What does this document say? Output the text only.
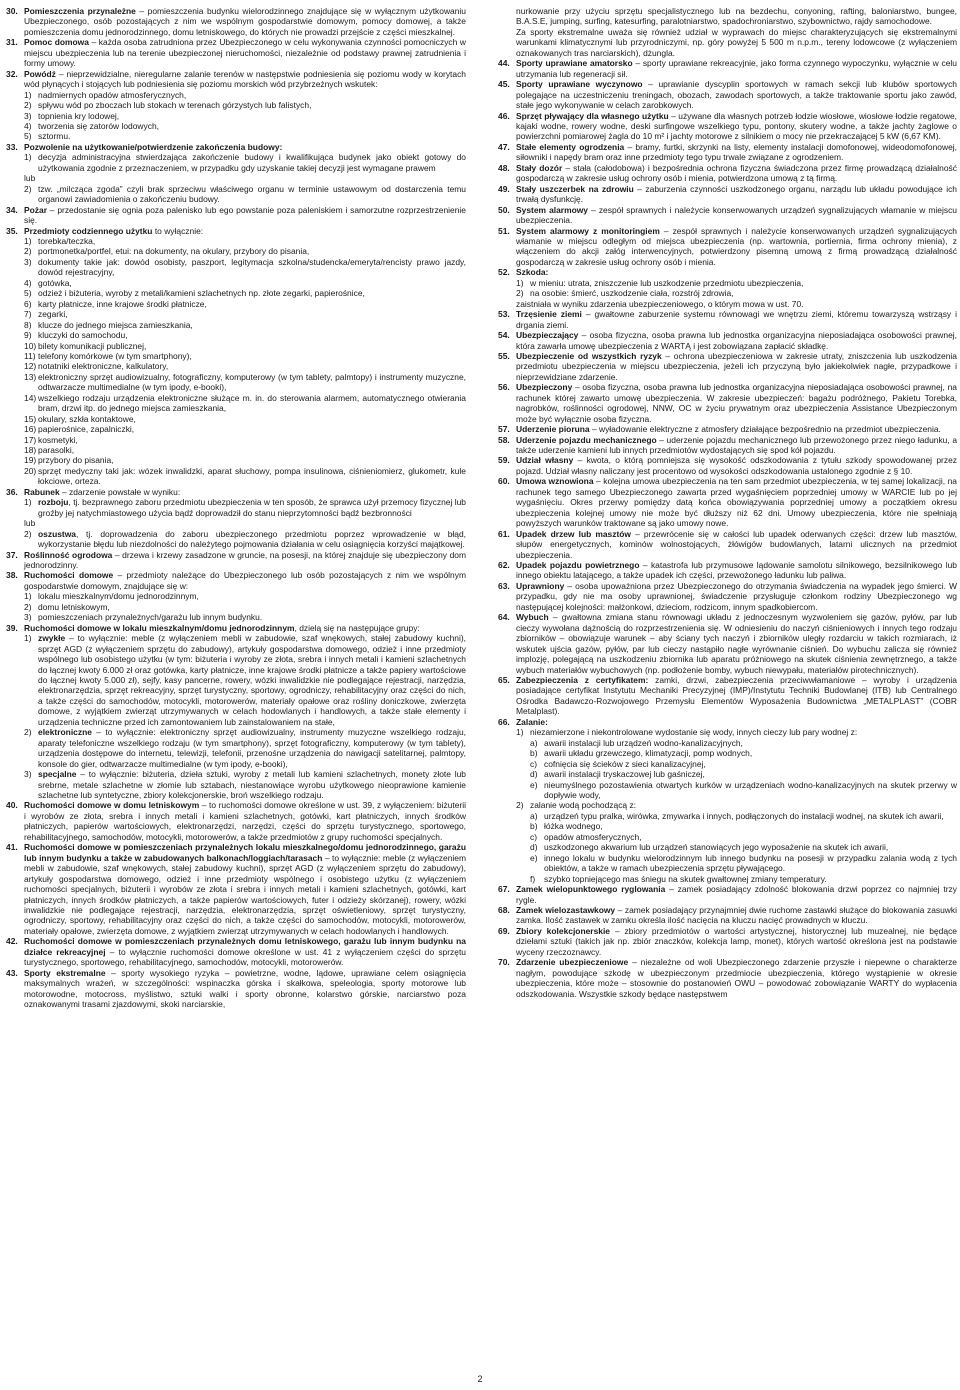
30. Pomieszczenia przynależne – pomieszczenia budynku wielorodzinnego znajdujące się w wyłącznym użytkowaniu Ubezpieczonego, osób pozostających z nim we wspólnym gospodarstwie domowym, pomocy domowej, a także pomieszczenia domu jednorodzinnego, domu letniskowego, do których nie prowadzi przejście z części mieszkalnej.

31. Pomoc domowa – każda osoba zatrudniona przez Ubezpieczonego w celu wykonywania czynności pomocniczych w miejscu ubezpieczenia lub na terenie ubezpieczonej nieruchomości, niezależnie od podstawy prawnej zatrudnienia i formy umowy.

32. Powódź – nieprzewidzialne, nieregularne zalanie terenów w następstwie podniesienia się poziomu wody w korytach wód płynących i stojących lub podniesienia się poziomu morskich wód przybrzeżnych wskutek:

1) nadmiernych opadów atmosferycznych,
2) spływu wód po zboczach lub stokach w terenach górzystych lub falistych,
3) topnienia kry lodowej,
4) tworzenia się zatorów lodowych,
5) sztormu.
33. Pozwolenie na użytkowanie/potwierdzenie zakończenia budowy:

1) decyzja administracyjna stwierdzająca zakończenie budowy i kwalifikująca budynek jako obiekt gotowy do użytkowania zgodnie z przeznaczeniem, w przypadku gdy uzyskanie takiej decyzji jest wymagane prawem
lub
2) tzw. „milcząca zgoda” czyli brak sprzeciwu właściwego organu w terminie ustawowym od dostarczenia temu organowi zawiadomienia o zakończeniu budowy.
34. Pożar – przedostanie się ognia poza palenisko lub ego powstanie poza paleniskiem i samorzutne rozprzestrzenienie się.

35. Przedmioty codziennego użytku to wyłącznie:

1) torebka/teczka,
2) portmonetka/portfel, etui: na dokumenty, na okulary, przybory do pisania,
3) dokumenty takie jak: dowód osobisty, paszport, legitymacja szkolna/studencka/emeryta/rencisty prawo jazdy, dowód rejestracyjny,
4) gotówka,
5) odzież i biżuteria, wyroby z metali/kamieni szlachetnych np. złote zegarki, papierośnice,
6) karty płatnicze, inne krajowe środki płatnicze,
7) zegarki,
8) klucze do jednego miejsca zamieszkania,
9) kluczyki do samochodu,
10) bilety komunikacji publicznej,
11) telefony komórkowe (w tym smartphony),
12) notatniki elektroniczne, kalkulatory,
13) elektroniczny sprzęt audiowizualny, fotograficzny, komputerowy (w tym tablety, palmtopy) i instrumenty muzyczne, odtwarzacze multimedialne (w tym ipody, e-booki),
14) wszelkiego rodzaju urządzenia elektroniczne służące m. in. do sterowania alarmem, automatycznego otwierania bram, drzwi itp. do jednego miejsca zamieszkania,
15) okulary, szkła kontaktowe,
16) papierośnice, zapalniczki,
17) kosmetyki,
18) parasolki,
19) przybory do pisania,
20) sprzęt medyczny taki jak: wózek inwalidzki, aparat słuchowy, pompa insulinowa, ciśnieniomierz, glukometr, kule łokciowe, orteza.
36. Rabunek – zdarzenie powstałe w wyniku:

1) rozboju, tj. bezprawnego zaboru przedmiotu ubezpieczenia w ten sposób, że sprawca użył przemocy fizycznej lub groźby jej natychmiastowego użycia bądź doprowadził do stanu nieprzytomności bądź bezbronności
lub
2) oszustwa, tj. doprowadzenia do zaboru ubezpieczonego przedmiotu poprzez wprowadzenie w błąd, wykorzystanie błędu lub niezdolności do należytego pojmowania działania w celu osiągnięcia korzyści majątkowej.
37. Roślinność ogrodowa – drzewa i krzewy zasadzone w gruncie, na posesji, na której znajduje się ubezpieczony dom jednorodzinny.

38. Ruchomości domowe – przedmioty należące do Ubezpieczonego lub osób pozostających z nim we wspólnym gospodarstwie domowym, znajdujące się w:

1) lokalu mieszkalnym/domu jednorodzinnym,
2) domu letniskowym,
3) pomieszczeniach przynależnych/garażu lub innym budynku.
39. Ruchomości domowe w lokalu mieszkalnym/domu jednorodzinnym, dzielą się na następujące grupy:

1) zwykłe – to wyłącznie: meble (z wyłączeniem mebli w zabudowie, szaf wnękowych, stałej zabudowy kuchni), sprzęt AGD (z wyłączeniem sprzętu do zabudowy), artykuły gospodarstwa domowego, odzież i inne przedmioty wspólnego lub osobistego użytku (w tym: biżuteria i wyroby ze złota, srebra i innych metali i kamieni szlachetnych do łącznej kwoty 6.000 zł oraz gotówka, karty płatnicze, inne krajowe środki płatnicze a także papiery wartościowe do łącznej kwoty 5.000 zł), sejfy, kasy pancerne, rowery, wózki inwalidzkie nie podlegające rejestracji, narzędzia, elektronarzędzia, sprzęt rekreacyjny, sprzęt turystyczny, sportowy, ogrodniczy, rehabilitacyjny oraz części do nich, a także części do samochodów, motocykli, motorowerów, materiały opałowe oraz rośliny doniczkowe, zwierzęta domowe, z wyjątkiem zwierząt utrzymywanych w celach hodowlanych i handlowych, a także stałe elementy i urządzenia techniczne przed ich zamontowaniem lub zainstalowaniem na stałe,
2) elektroniczne – to wyłącznie: elektroniczny sprzęt audiowizualny, instrumenty muzyczne wszelkiego rodzaju, aparaty telefoniczne wszelkiego rodzaju (w tym smartphony), sprzęt fotograficzny, komputerowy (w tym tablety), urządzenia dostępowe do internetu, telewizji, telefonii, przenośne urządzenia do nawigacji satelitarnej, palmtopy, konsole do gier, odtwarzacze multimedialne (w tym ipody, e-booki),
3) specjalne – to wyłącznie: biżuteria, dzieła sztuki, wyroby z metali lub kamieni szlachetnych, monety złote lub srebrne, metale szlachetne w złomie lub sztabach, niestanowiące wyrobu użytkowego nieoprawione kamienie szlachetne lub syntetyczne, zbiory kolekcjonerskie, broń wszelkiego rodzaju.
40. Ruchomości domowe w domu letniskowym – to ruchomości domowe określone w ust. 39, z wyłączeniem: biżuterii i wyrobów ze złota, srebra i innych metali i kamieni szlachetnych, gotówki, kart płatniczych, innych środków płatniczych, papierów wartościowych, elektronarzędzi, narzędzi, części do sprzętu turystycznego, sportowego, rehabilitacyjnego, samochodów, motocykli, motorowerów, a także przedmiotów z grupy ruchomości specjalnych.

41. Ruchomości domowe w pomieszczeniach przynależnych lokalu mieszkalnego/domu jednorodzinnego, garażu lub innym budynku a także w zabudowanych balkonach/loggiach/tarasach – to wyłącznie: meble (z wyłączeniem mebli w zabudowie, szaf wnękowych, stałej zabudowy kuchni), sprzęt AGD (z wyłączeniem sprzętu do zabudowy), artykuły gospodarstwa domowego, odzież i inne przedmioty wspólnego i osobistego użytku (z wyłączeniem ruchomości specjalnych, biżuterii i wyrobów ze złota i srebra i innych metali i kamieni szlachetnych, gotówki, kart płatniczych, innych środków płatniczych, a także papierów wartościowych, futer i odzieży skórzanej), rowery, wózki inwalidzkie nie podlegające rejestracji, narzędzia, elektronarzędzia, sprzęt oświetleniowy, sprzęt turystyczny, ogrodniczy, sportowy, rehabilitacyjny oraz części do nich, a także części do samochodów, motocykli, motorowerów, materiały opałowe, zwierzęta domowe, z wyjątkiem zwierząt utrzymywanych w celach hodowlanych i handlowych.

42. Ruchomości domowe w pomieszczeniach przynależnych domu letniskowego, garażu lub innym budynku na działce rekreacyjnej – to wyłącznie ruchomości domowe określone w ust. 41 z wyłączeniem części do sprzętu turystycznego, sportowego, rehabilitacyjnego, samochodów, motocykli, motorowerów.

43. Sporty ekstremalne – sporty wysokiego ryzyka – powietrzne, wodne, lądowe, uprawiane celem osiągnięcia maksymalnych wrażeń, w szczególności: wspinaczka górska i skałkowa, speleologia, sporty motorowe lub motorowodne, motocross, myślistwo, sztuki walki i sporty obronne, kolarstwo górskie, narciarstwo poza oznakowanymi trasami zjazdowymi, skoki narciarskie,

nurkowanie przy użyciu sprzętu specjalistycznego lub na bezdechu, conyoning, rafting, baloniarstwo, bungee, B.A.S.E, jumping, surfing, katesurfing, paralotniarstwo, spadochroniarstwo, szybownictwo, rajdy samochodowe.

Za sporty ekstremalne uważa się również udział w wyprawach do miejsc charakteryzujących się ekstremalnymi warunkami klimatycznymi lub przyrodniczymi, np. góry powyżej 5 500 m n.p.m., tereny lodowcowe (z wyłączeniem oznakowanych tras narciarskich), dżungla.

44. Sporty uprawiane amatorsko – sporty uprawiane rekreacyjnie, jako forma czynnego wypoczynku, wyłącznie w celu utrzymania lub regeneracji sił.

45. Sporty uprawiane wyczynowo – uprawianie dyscyplin sportowych w ramach sekcji lub klubów sportowych polegające na uczestniczeniu treningach, obozach, zawodach sportowych, a także traktowanie sportu jako zawód, stałe jego wykonywanie w celach zarobkowych.

46. Sprzęt pływający dla własnego użytku – używane dla własnych potrzeb łodzie wiosłowe, wiosłowe łodzie regatowe, kajaki wodne, rowery wodne, deski surfingowe wszelkiego typu, pontony, skutery wodne, a także jachty żaglowe o powierzchni pomiarowej żagla do 10 m² i jachty motorowe z silnikiem o mocy nie przekraczającej 5 kW (6,67 KM).

47. Stałe elementy ogrodzenia – bramy, furtki, skrzynki na listy, elementy instalacji domofonowej, wideodomofonowej, siłowniki i napędy bram oraz inne przedmioty tego typu trwale związane z ogrodzeniem.

48. Stały dozór – stała (całodobowa) i bezpośrednia ochrona fizyczna świadczona przez firmę prowadzącą działalność gospodarczą w zakresie usług ochrony osób i mienia, potwierdzona umową z tą firmą.

49. Stały uszczerbek na zdrowiu – zaburzenia czynności uszkodzonego organu, narządu lub układu powodujące ich trwałą dysfunkcję.

50. System alarmowy – zespół sprawnych i należycie konserwowanych urządzeń sygnalizujących włamanie w miejscu ubezpieczenia.

51. System alarmowy z monitoringiem – zespół sprawnych i należycie konserwowanych urządzeń sygnalizujących włamanie w miejscu odległym od miejsca ubezpieczenia (np. wartownia, portiernia, firma ochrony mienia), z włączeniem do akcji załóg interwencyjnych, potwierdzony pisemną umową z firmą prowadzącą działalność gospodarczą w zakresie usług ochrony osób i mienia.

52. Szkoda:

1) w mieniu: utrata, zniszczenie lub uszkodzenie przedmiotu ubezpieczenia,
2) na osobie: śmierć, uszkodzenie ciała, rozstrój zdrowia,
zaistniała w wyniku zdarzenia ubezpieczeniowego, o którym mowa w ust. 70.
53. Trzęsienie ziemi – gwałtowne zaburzenie systemu równowagi we wnętrzu ziemi, któremu towarzyszą wstrząsy i drgania ziemi.

54. Ubezpieczający – osoba fizyczna, osoba prawna lub jednostka organizacyjna nieposiadająca osobowości prawnej, która zawarła umowę ubezpieczenia z WARTĄ i jest zobowiązana zapłacić składkę.

55. Ubezpieczenie od wszystkich ryzyk – ochrona ubezpieczeniowa w zakresie utraty, zniszczenia lub uszkodzenia przedmiotu ubezpieczenia w miejscu ubezpieczenia, jeżeli ich przyczyną było jakiekolwiek nagłe, przypadkowe i nieprzewidziane zdarzenie.

56. Ubezpieczony – osoba fizyczna, osoba prawna lub jednostka organizacyjna nieposiadająca osobowości prawnej, na rachunek której zawarto umowę ubezpieczenia. W zakresie ubezpieczeń: bagażu podróżnego, Pakietu Torebka, nagrobków, roślinności ogrodowej, NNW, OC w życiu prywatnym oraz ubezpieczenia Assistance Ubezpieczonym może być wyłącznie osoba fizyczna.

57. Uderzenie pioruna – wyładowanie elektryczne z atmosfery działające bezpośrednio na przedmiot ubezpieczenia.

58. Uderzenie pojazdu mechanicznego – uderzenie pojazdu mechanicznego lub przewożonego przez niego ładunku, a także uderzenie kamieni lub innych przedmiotów wydostających się spod kół pojazdu.

59. Udział własny – kwota, o którą pomniejsza się wysokość odszkodowania z tytułu szkody spowodowanej przez pojazd. Udział własny naliczany jest procentowo od wysokości odszkodowania ustalonego zgodnie z § 10.

60. Umowa wznowiona – kolejna umowa ubezpieczenia na ten sam przedmiot ubezpieczenia, w tej samej lokalizacji, na rachunek tego samego Ubezpieczonego zawarta przed wygaśnięciem poprzedniej umowy w WARCIE lub po jej wygaśnięciu. Okres przerwy pomiędzy datą końca obowiązywania poprzedniej umowy a początkiem okresu ubezpieczenia kolejnej umowy nie może być dłuższy niż 62 dni. Umowy ubezpieczenia, które nie spełniają powyższych warunków traktowane są jako umowy nowe.

61. Upadek drzew lub masztów – przewrócenie się w całości lub upadek oderwanych części: drzew lub masztów, słupów energetycznych, kominów wolnostojących, żłówigów budowlanych, latarni ulicznych na przedmiot ubezpieczenia.

62. Upadek pojazdu powietrznego – katastrofa lub przymusowe lądowanie samolotu silnikowego, bezsilnikowego lub innego obiektu latającego, a także upadek ich części, przewożonego ładunku lub paliwa.

63. Uprawniony – osoba upoważniona przez Ubezpieczonego do otrzymania świadczenia na wypadek jego śmierci. W przypadku, gdy nie ma osoby uprawnionej, świadczenie przysługuje członkom rodziny Ubezpieczonego wg następującej kolejności: małżonkowi, dzieciom, rodzicom, innym spadkobiercom.

64. Wybuch – gwałtowna zmiana stanu równowagi układu z jednoczesnym wyzwoleniem się gazów, pyłów, par lub cieczy wywołana dążnością do rozprzestrzenienia się. W odniesieniu do naczyń ciśnieniowych i innych tego rodzaju zbiorników – obowiązuje warunek – aby ściany tych naczyń i zbiorników uległy rozdarciu w takich rozmiarach, iż wskutek ujścia gazów, pyłów, par lub cieczy nastąpiło nagłe wyrównanie ciśnień. Do wybuchu zalicza się również implozję, polegającą na uszkodzeniu zbiornika lub aparatu próżniowego na skutek ciśnienia zewnętrznego, a także wybuch materiałów wybuchowych (np. podłożenie bomby, wybuch niewypału, materiałów pirotechnicznych).

65. Zabezpieczenia z certyfikatem: zamki, drzwi, zabezpieczenia przeciwwłamaniowe – wyroby i urządzenia posiadające certyfikat Instytutu Mechaniki Precyzyjnej (IMP)/Instytutu Techniki Budowlanej (ITB) lub Centralnego Ośrodka Badawczo-Rozwojowego Przemysłu Elementów Wyposażenia Budownictwa „METALPLAST” (COBR Metalplast).

66. Zalanie:

1) niezamierzone i niekontrolowane wydostanie się wody, innych cieczy lub pary wodnej z:
a) awarii instalacji lub urządzeń wodno-kanalizacyjnych,
b) awarii układu grzewczego, klimatyzacji, pomp wodnych,
c) cofnięcia się ścieków z sieci kanalizacyjnej,
d) awarii instalacji tryskaczowej lub gaśniczej,
e) nieumyślnego pozostawienia otwartych kurków w urządzeniach wodno-kanalizacyjnych na skutek przerwy w dopływie wody,
2) zalanie wodą pochodzącą z:
a) urządzeń typu pralka, wirówka, zmywarka i innych, podłączonych do instalacji wodnej, na skutek ich awarii,
b) łóżka wodnego,
c) opadów atmosferycznych,
d) uszkodzonego akwarium lub urządzeń stanowiących jego wyposażenie na skutek ich awarii,
e) innego lokalu w budynku wielorodzinnym lub innego budynku na posesji w przypadku zalania wodą z tych obiektów, a także w ramach ubezpieczenia sprzętu pływającego.
f) szybko topniejącego mas śniegu na skutek gwałtownej zmiany temperatury.
67. Zamek wielopunktowego ryglowania – zamek posiadający zdolność blokowania drzwi poprzez co najmniej trzy rygle.

68. Zamek wielozastawkowy – zamek posiadający przynajmniej dwie ruchome zastawki służące do blokowania zasuwki zamka. Ilość zastawek w zamku określa ilość nacięcia na kluczu nacięć prowadnych w kluczu.

69. Zbiory kolekcjonerskie – zbiory przedmiotów o wartości artystycznej, historycznej lub muzealnej, nie będące dziełami sztuki (takich jak np. zbiór znaczków, kolekcja lamp, monet), których wartość określona jest na podstawie wyceny rzeczoznawcy.

70. Zdarzenie ubezpieczeniowe – niezależne od woli Ubezpieczonego zdarzenie przyszłe i niepewne o charakterze nagłym, powodujące szkodę w ubezpieczonym przedmiocie ubezpieczenia, którego wystąpienie w okresie ubezpieczenia, które może – stosownie do postanowień OWU – powodować zobowiązanie WARTY do wypłacenia odszkodowania. Wszystkie szkody będące następstwem

2
